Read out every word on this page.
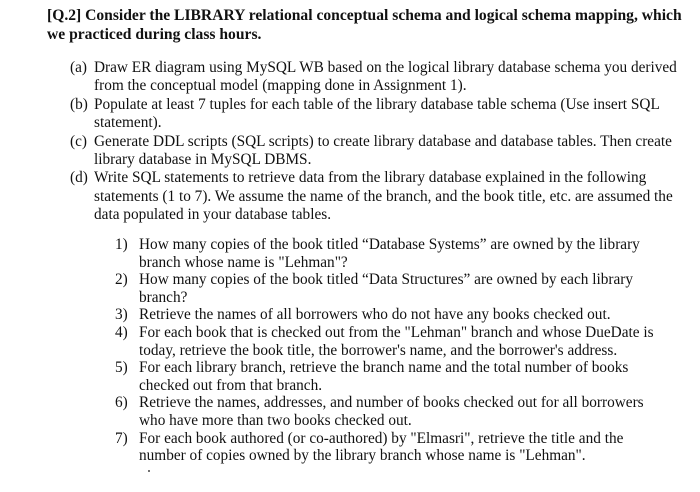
[Q.2] Consider the LIBRARY relational conceptual schema and logical schema mapping, which we practiced during class hours.
(a) Draw ER diagram using MySQL WB based on the logical library database schema you derived from the conceptual model (mapping done in Assignment 1).
(b) Populate at least 7 tuples for each table of the library database table schema (Use insert SQL statement).
(c) Generate DDL scripts (SQL scripts) to create library database and database tables. Then create library database in MySQL DBMS.
(d) Write SQL statements to retrieve data from the library database explained in the following statements (1 to 7). We assume the name of the branch, and the book title, etc. are assumed the data populated in your database tables.
1) How many copies of the book titled “Database Systems” are owned by the library branch whose name is "Lehman"?
2) How many copies of the book titled “Data Structures” are owned by each library branch?
3) Retrieve the names of all borrowers who do not have any books checked out.
4) For each book that is checked out from the "Lehman" branch and whose DueDate is today, retrieve the book title, the borrower's name, and the borrower's address.
5) For each library branch, retrieve the branch name and the total number of books checked out from that branch.
6) Retrieve the names, addresses, and number of books checked out for all borrowers who have more than two books checked out.
7) For each book authored (or co-authored) by "Elmasri", retrieve the title and the number of copies owned by the library branch whose name is "Lehman".
